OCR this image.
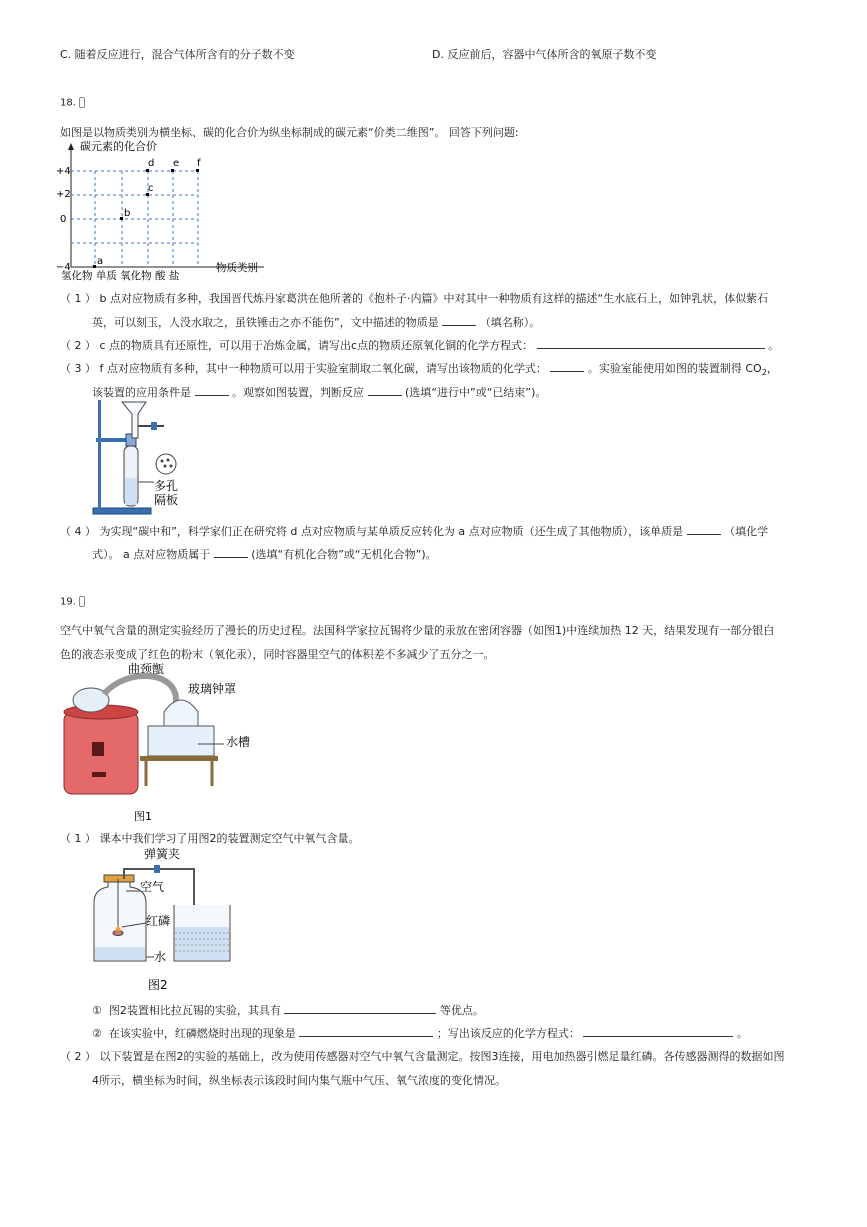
C. 随着反应进行，混合气体所含有的分子数不变	D. 反应前后，容器中气体所含的氧原子数不变
18.
如图是以物质类别为横坐标、碳的化合价为纵坐标制成的碳元素“价类二维图”。 回答下列问题:
碳元素的化合价
+4
+2
0
−4
a
b
c
d e f
氢化物 单质 氧化物 酸 盐
物质类别
（ 1 ） b 点对应物质有多种，我国晋代炼丹家葛洪在他所著的《抱朴子·内篇》中对其中一种物质有这样的描述“生水底石上，如钟乳状，体似紫石
英，可以刻玉，人没水取之，虽铁锤击之亦不能伤”，文中描述的物质是	（填名称）。
（ 2 ） c 点的物质具有还原性，可以用于冶炼金属，请写出c点的物质还原氧化铜的化学方程式：	。
（ 3 ） f 点对应物质有多种，其中一种物质可以用于实验室制取二氧化碳，请写出该物质的化学式：	。实验室能使用如图的装置制得 $CO_2$，
该装置的应用条件是	。观察如图装置，判断反应	(选填“进行中”或“已结束”)。
多孔
隔板
（ 4 ） 为实现“碳中和”，科学家们正在研究将 d 点对应物质与某单质反应转化为 a 点对应物质（还生成了其他物质），该单质是	（填化学
式）。 a 点对应物质属于	(选填“有机化合物”或“无机化合物”)。
19.
空气中氧气含量的测定实验经历了漫长的历史过程。法国科学家拉瓦锡将少量的汞放在密闭容器（如图1)中连续加热 12 天，结果发现有一部分银白
色的液态汞变成了红色的粉末（氧化汞），同时容器里空气的体积差不多减少了五分之一。
曲颈甑
玻璃钟罩
水槽
图1
（ 1 ） 课本中我们学习了用图2的装置测定空气中氧气含量。
弹簧夹
空气
红磷
水
图2
① 图2装置相比拉瓦锡的实验，其具有	等优点。
② 在该实验中，红磷燃烧时出现的现象是	；写出该反应的化学方程式：	。
（ 2 ） 以下装置是在图2的实验的基础上，改为使用传感器对空气中氧气含量测定。按图3连接，用电加热器引燃足量红磷。各传感器测得的数据如图
4所示，横坐标为时间，纵坐标表示该段时间内集气瓶中气压、氧气浓度的变化情况。
